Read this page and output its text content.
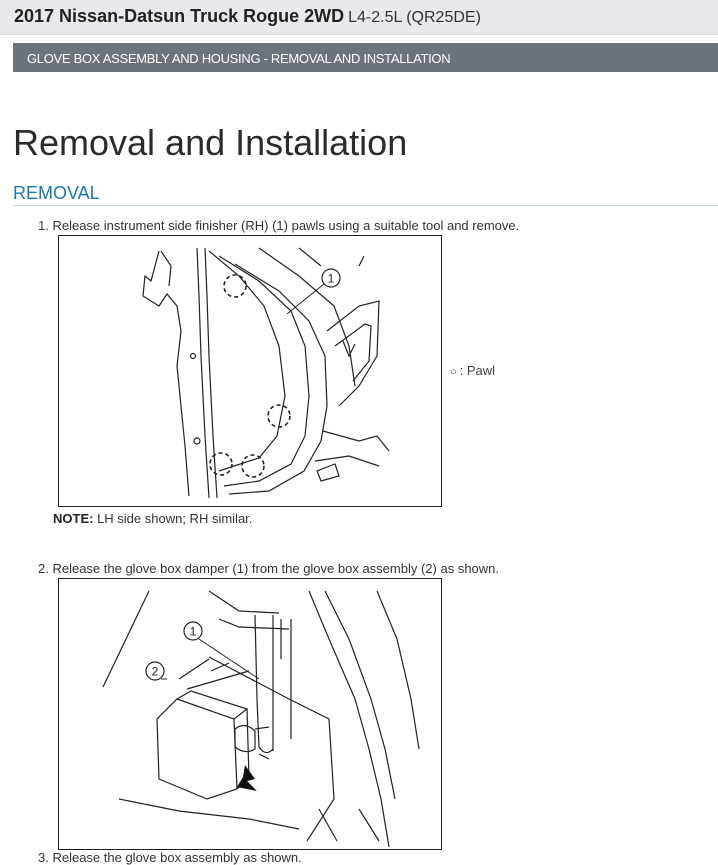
2017 Nissan-Datsun Truck Rogue 2WD L4-2.5L (QR25DE)
GLOVE BOX ASSEMBLY AND HOUSING - REMOVAL AND INSTALLATION
Removal and Installation
REMOVAL
1. Release instrument side finisher (RH) (1) pawls using a suitable tool and remove.
1
○ : Pawl
NOTE: LH side shown; RH similar.
2. Release the glove box damper (1) from the glove box assembly (2) as shown.
1
2
3. Release the glove box assembly as shown.
